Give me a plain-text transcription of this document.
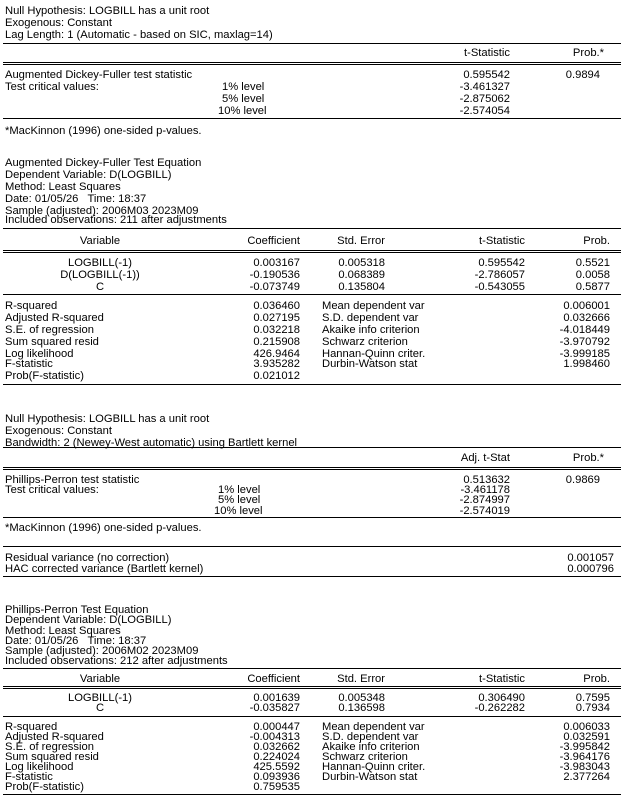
Null Hypothesis: LOGBILL has a unit root
Exogenous: Constant
Lag Length: 1 (Automatic - based on SIC, maxlag=14)
t-Statistic	Prob.*
Augmented Dickey-Fuller test statistic	0.595542	0.9894
Test critical values:	1% level	-3.461327
5% level	-2.875062
10% level	-2.574054
*MacKinnon (1996) one-sided p-values.
Augmented Dickey-Fuller Test Equation
Dependent Variable: D(LOGBILL)
Method: Least Squares
Date: 01/05/26   Time: 18:37
Sample (adjusted): 2006M03 2023M09
Included observations: 211 after adjustments
Variable	Coefficient	Std. Error	t-Statistic	Prob.
LOGBILL(-1)	0.003167	0.005318	0.595542	0.5521
D(LOGBILL(-1))	-0.190536	0.068389	-2.786057	0.0058
C	-0.073749	0.135804	-0.543055	0.5877
R-squared	0.036460 Mean dependent var	0.006001
Adjusted R-squared	0.027195 S.D. dependent var	0.032666
S.E. of regression	0.032218 Akaike info criterion	-4.018449
Sum squared resid	0.215908 Schwarz criterion	-3.970792
Log likelihood	426.9464 Hannan-Quinn criter.	-3.999185
F-statistic	3.935282 Durbin-Watson stat	1.998460
Prob(F-statistic)	0.021012
Null Hypothesis: LOGBILL has a unit root
Exogenous: Constant
Bandwidth: 2 (Newey-West automatic) using Bartlett kernel
Adj. t-Stat	Prob.*
Phillips-Perron test statistic	0.513632	0.9869
Test critical values:	1% level	-3.461178
5% level	-2.874997
10% level	-2.574019
*MacKinnon (1996) one-sided p-values.
Residual variance (no correction)	0.001057
HAC corrected variance (Bartlett kernel)	0.000796
Phillips-Perron Test Equation
Dependent Variable: D(LOGBILL)
Method: Least Squares
Date: 01/05/26   Time: 18:37
Sample (adjusted): 2006M02 2023M09
Included observations: 212 after adjustments
Variable	Coefficient	Std. Error	t-Statistic	Prob.
LOGBILL(-1)	0.001639	0.005348	0.306490	0.7595
C	-0.035827	0.136598	-0.262282	0.7934
R-squared	0.000447 Mean dependent var	0.006033
Adjusted R-squared	-0.004313 S.D. dependent var	0.032591
S.E. of regression	0.032662 Akaike info criterion	-3.995842
Sum squared resid	0.224024 Schwarz criterion	-3.964176
Log likelihood	425.5592 Hannan-Quinn criter.	-3.983043
F-statistic	0.093936 Durbin-Watson stat	2.377264
Prob(F-statistic)	0.759535
